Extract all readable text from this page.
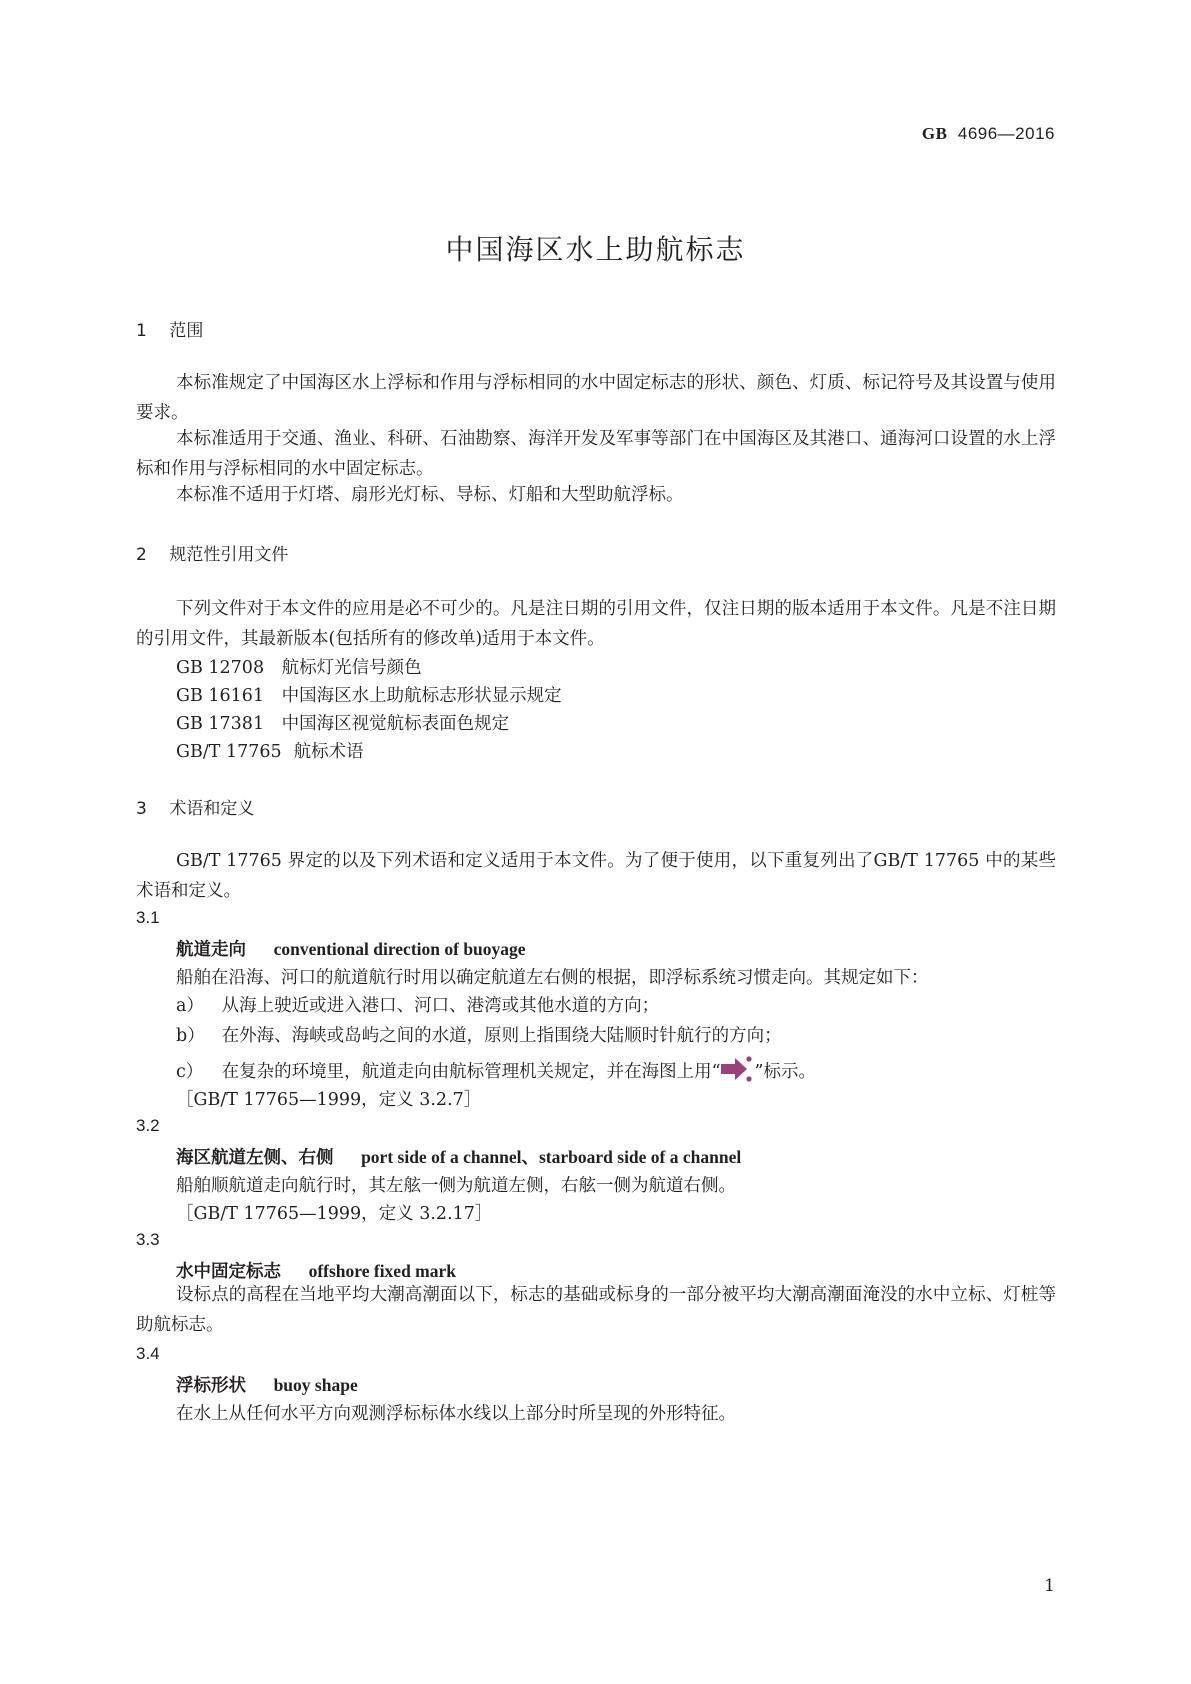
GB 4696—2016
中国海区水上助航标志
1 范围
本标准规定了中国海区水上浮标和作用与浮标相同的水中固定标志的形状、颜色、灯质、标记符号及其设置与使用要求。
本标准适用于交通、渔业、科研、石油勘察、海洋开发及军事等部门在中国海区及其港口、通海河口设置的水上浮标和作用与浮标相同的水中固定标志。
本标准不适用于灯塔、扇形光灯标、导标、灯船和大型助航浮标。
2 规范性引用文件
下列文件对于本文件的应用是必不可少的。凡是注日期的引用文件，仅注日期的版本适用于本文件。凡是不注日期的引用文件，其最新版本(包括所有的修改单)适用于本文件。
GB 12708 航标灯光信号颜色
GB 16161 中国海区水上助航标志形状显示规定
GB 17381 中国海区视觉航标表面色规定
GB/T 17765 航标术语
3 术语和定义
GB/T 17765 界定的以及下列术语和定义适用于本文件。为了便于使用，以下重复列出了GB/T 17765 中的某些术语和定义。
3.1
航道走向 conventional direction of buoyage
船舶在沿海、河口的航道航行时用以确定航道左右侧的根据，即浮标系统习惯走向。其规定如下：
a） 从海上驶近或进入港口、河口、港湾或其他水道的方向；
b） 在外海、海峡或岛屿之间的水道，原则上指围绕大陆顺时针航行的方向；
c） 在复杂的环境里，航道走向由航标管理机关规定，并在海图上用“ ”标示。
［GB/T 17765—1999，定义 3.2.7］
3.2
海区航道左侧、右侧 port side of a channel、starboard side of a channel
船舶顺航道走向航行时，其左舷一侧为航道左侧，右舷一侧为航道右侧。
［GB/T 17765—1999，定义 3.2.17］
3.3
水中固定标志 offshore fixed mark
设标点的高程在当地平均大潮高潮面以下，标志的基础或标身的一部分被平均大潮高潮面淹没的水中立标、灯桩等助航标志。
3.4
浮标形状 buoy shape
在水上从任何水平方向观测浮标标体水线以上部分时所呈现的外形特征。
1
